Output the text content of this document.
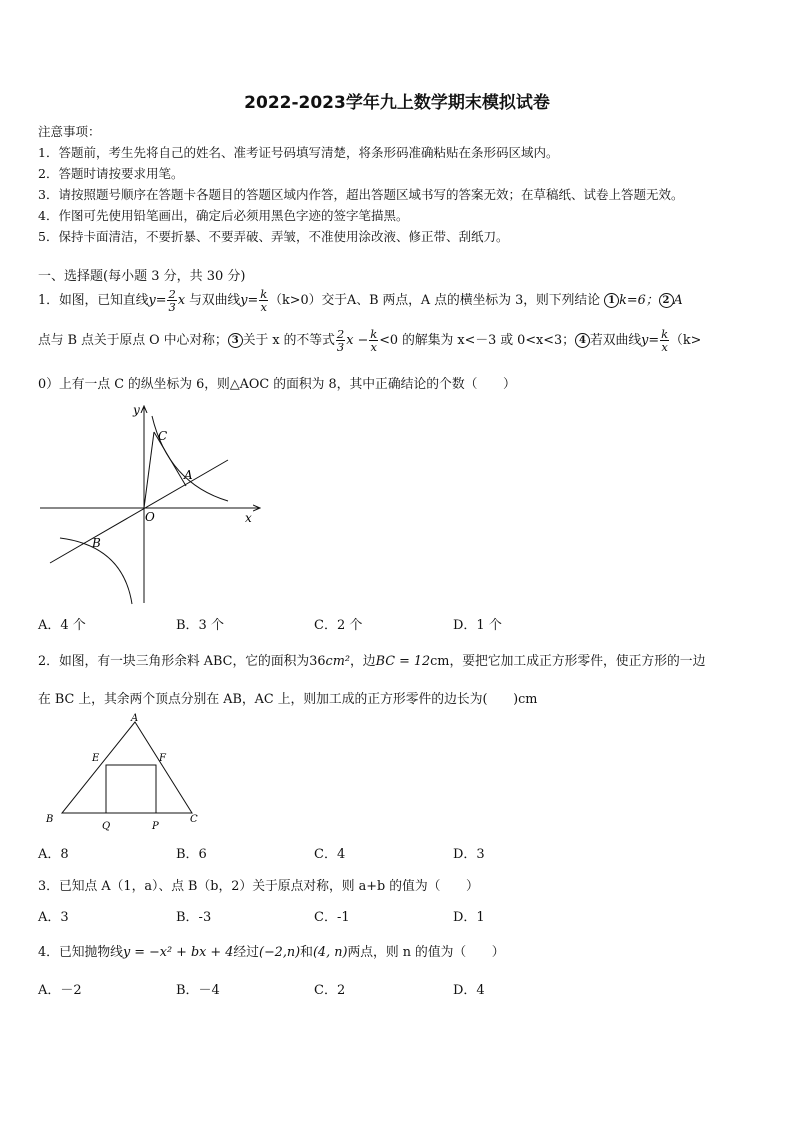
2022-2023学年九上数学期末模拟试卷
注意事项：
1．答题前，考生先将自己的姓名、准考证号码填写清楚，将条形码准确粘贴在条形码区域内。
2．答题时请按要求用笔。
3．请按照题号顺序在答题卡各题目的答题区域内作答，超出答题区域书写的答案无效；在草稿纸、试卷上答题无效。
4．作图可先使用铅笔画出，确定后必须用黑色字迹的签字笔描黑。
5．保持卡面清洁，不要折暴、不要弄破、弄皱，不准使用涂改液、修正带、刮纸刀。
一、选择题(每小题 3 分，共 30 分)
1．如图，已知直线$y= \frac{2}{3}$ x 与双曲线$y= \frac{k}{x} (k>0)$交于A、B 两点，A 点的横坐标为 3，则下列结论 1 k=6； 2 A
点与 B 点关于原点 O 中心对称； 3 关于 x 的不等式 $\frac{2}{3}$ $x - \frac{k}{x} <0$ 的解集为 x<－3 或 0<x<3； 4 若双曲线$y= \frac{k}{x} (k>$
0）上有一点 C 的纵坐标为 6，则△AOC 的面积为 8，其中正确结论的个数（　　）
y
x
O
A
B
C
A．4 个	B．3 个	C．2 个	D．1 个
2．如图，有一块三角形余料 ABC，它的面积为36cm²，边BC = 12cm，要把它加工成正方形零件，使正方形的一边
在 BC 上，其余两个顶点分别在 AB，AC 上，则加工成的正方形零件的边长为(　　)cm
A
B	C
E	F
Q	P
A．8	B．6	C．4	D．3
3．已知点 A（1，a）、点 B（b，2）关于原点对称，则 a+b 的值为（　　）
A．3	B．-3	C．-1	D．1
4．已知抛物线y = −x² + bx + 4经过(−2,n)和(4, n)两点，则 n 的值为（　　）
A．－2	B．－4	C．2	D．4
